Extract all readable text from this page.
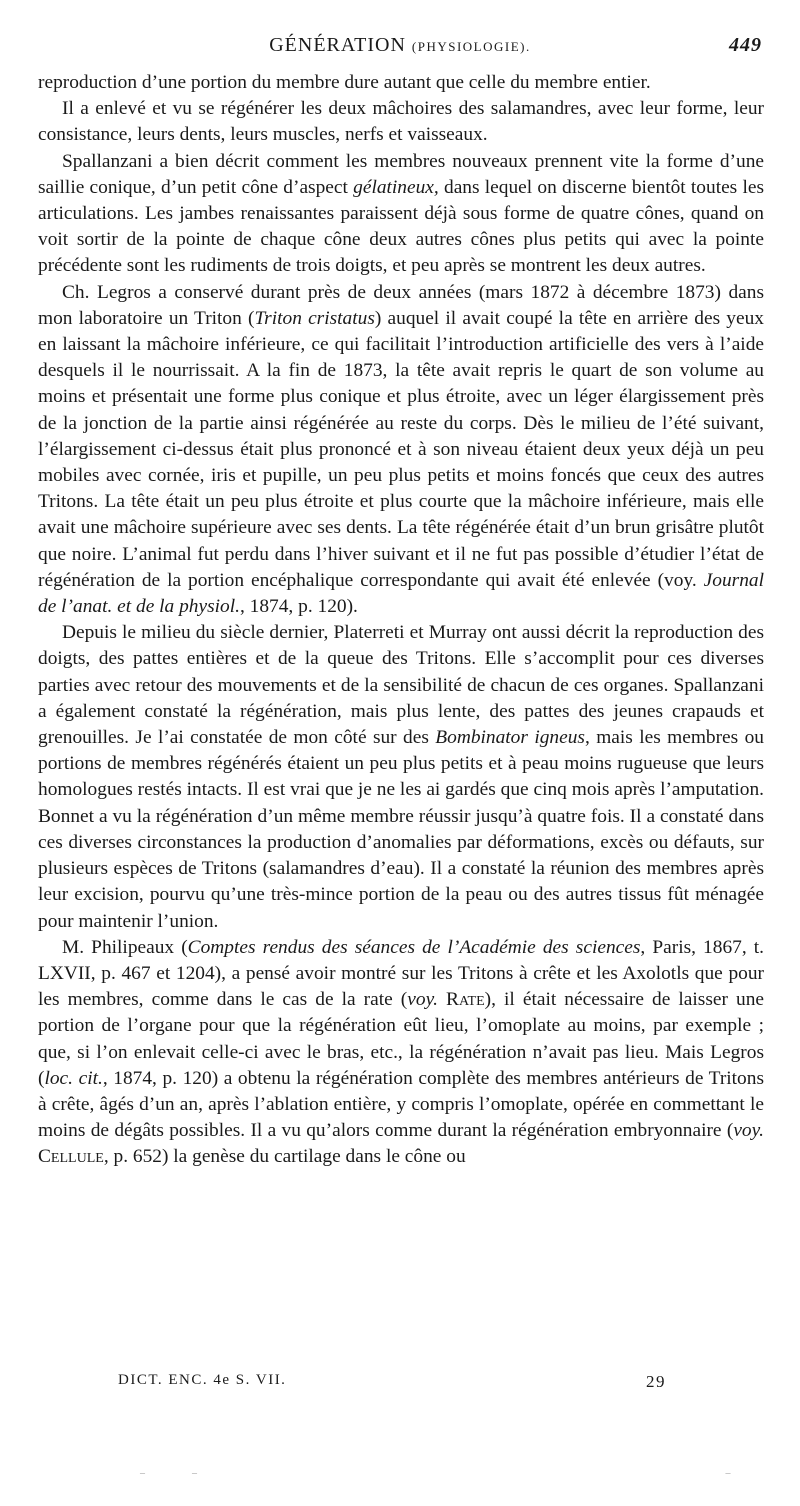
GÉNÉRATION (PHYSIOLOGIE).	449

reproduction d’une portion du membre dure autant que celle du membre entier.

Il a enlevé et vu se régénérer les deux mâchoires des salamandres, avec leur forme, leur consistance, leurs dents, leurs muscles, nerfs et vaisseaux.

Spallanzani a bien décrit comment les membres nouveaux prennent vite la forme d’une saillie conique, d’un petit cône d’aspect gélatineux, dans lequel on discerne bientôt toutes les articulations. Les jambes renaissantes paraissent déjà sous forme de quatre cônes, quand on voit sortir de la pointe de chaque cône deux autres cônes plus petits qui avec la pointe précédente sont les rudiments de trois doigts, et peu après se montrent les deux autres.

Ch. Legros a conservé durant près de deux années (mars 1872 à décembre 1873) dans mon laboratoire un Triton (Triton cristatus) auquel il avait coupé la tête en arrière des yeux en laissant la mâchoire inférieure, ce qui facilitait l’introduction artificielle des vers à l’aide desquels il le nourrissait. A la fin de 1873, la tête avait repris le quart de son volume au moins et présentait une forme plus conique et plus étroite, avec un léger élargissement près de la jonction de la partie ainsi régénérée au reste du corps. Dès le milieu de l’été suivant, l’élargissement ci-dessus était plus prononcé et à son niveau étaient deux yeux déjà un peu mobiles avec cornée, iris et pupille, un peu plus petits et moins foncés que ceux des autres Tritons. La tête était un peu plus étroite et plus courte que la mâchoire inférieure, mais elle avait une mâchoire supérieure avec ses dents. La tête régénérée était d’un brun grisâtre plutôt que noire. L’animal fut perdu dans l’hiver suivant et il ne fut pas possible d’étudier l’état de régénération de la portion encéphalique correspondante qui avait été enlevée (voy. Journal de l’anat. et de la physiol., 1874, p. 120).

Depuis le milieu du siècle dernier, Platerreti et Murray ont aussi décrit la reproduction des doigts, des pattes entières et de la queue des Tritons. Elle s’accomplit pour ces diverses parties avec retour des mouvements et de la sensibilité de chacun de ces organes. Spallanzani a également constaté la régénération, mais plus lente, des pattes des jeunes crapauds et grenouilles. Je l’ai constatée de mon côté sur des Bombinator igneus, mais les membres ou portions de membres régénérés étaient un peu plus petits et à peau moins rugueuse que leurs homologues restés intacts. Il est vrai que je ne les ai gardés que cinq mois après l’amputation. Bonnet a vu la régénération d’un même membre réussir jusqu’à quatre fois. Il a constaté dans ces diverses circonstances la production d’anomalies par déformations, excès ou défauts, sur plusieurs espèces de Tritons (salamandres d’eau). Il a constaté la réunion des membres après leur excision, pourvu qu’une très-mince portion de la peau ou des autres tissus fût ménagée pour maintenir l’union.

M. Philipeaux (Comptes rendus des séances de l’Académie des sciences, Paris, 1867, t. LXVII, p. 467 et 1204), a pensé avoir montré sur les Tritons à crête et les Axolotls que pour les membres, comme dans le cas de la rate (voy. Rate), il était nécessaire de laisser une portion de l’organe pour que la régénération eût lieu, l’omoplate au moins, par exemple ; que, si l’on enlevait celle-ci avec le bras, etc., la régénération n’avait pas lieu. Mais Legros (loc. cit., 1874, p. 120) a obtenu la régénération complète des membres antérieurs de Tritons à crête, âgés d’un an, après l’ablation entière, y compris l’omoplate, opérée en commettant le moins de dégâts possibles. Il a vu qu’alors comme durant la régénération embryonnaire (voy. Cellule, p. 652) la genèse du cartilage dans le cône ou

DICT. ENC. 4e S. VII.	29
‒          ‒                                                                                                                     ‒
